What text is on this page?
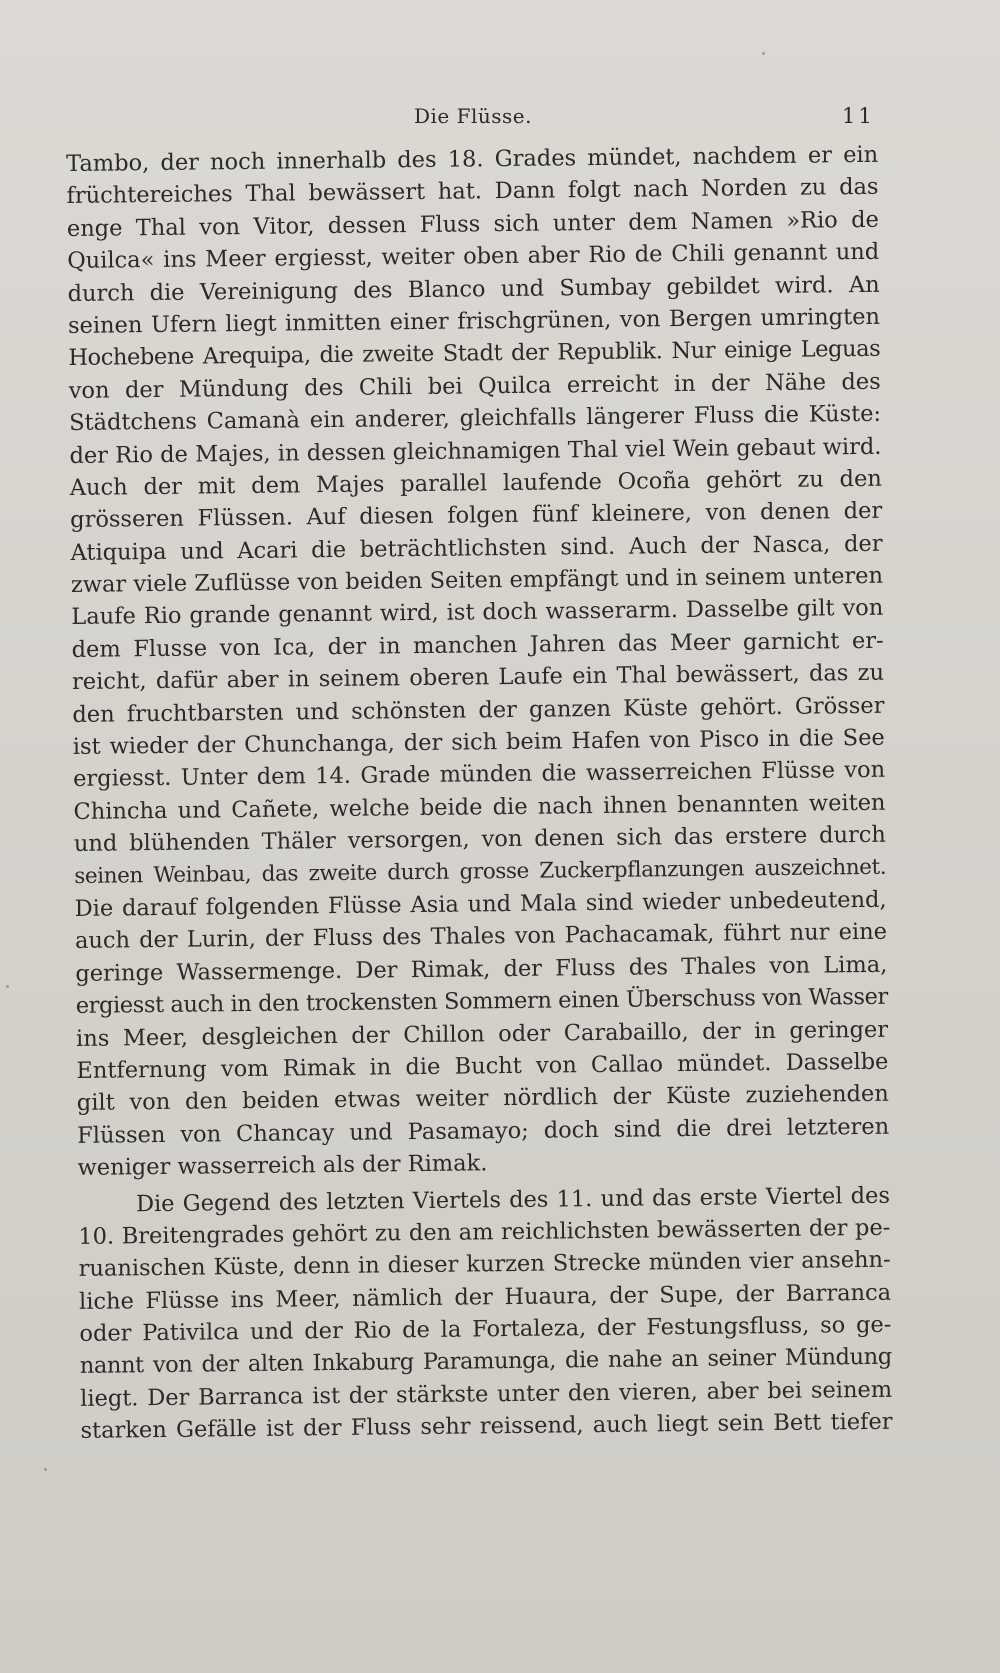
Die Flüsse.	11
Tambo, der noch innerhalb des 18. Grades mündet, nachdem er ein
früchtereiches Thal bewässert hat. Dann folgt nach Norden zu das
enge Thal von Vitor, dessen Fluss sich unter dem Namen »Rio de
Quilca« ins Meer ergiesst, weiter oben aber Rio de Chili genannt und
durch die Vereinigung des Blanco und Sumbay gebildet wird. An
seinen Ufern liegt inmitten einer frischgrünen, von Bergen umringten
Hochebene Arequipa, die zweite Stadt der Republik. Nur einige Leguas
von der Mündung des Chili bei Quilca erreicht in der Nähe des
Städtchens Camanà ein anderer, gleichfalls längerer Fluss die Küste:
der Rio de Majes, in dessen gleichnamigen Thal viel Wein gebaut wird.
Auch der mit dem Majes parallel laufende Ocoña gehört zu den
grösseren Flüssen. Auf diesen folgen fünf kleinere, von denen der
Atiquipa und Acari die beträchtlichsten sind. Auch der Nasca, der
zwar viele Zuflüsse von beiden Seiten empfängt und in seinem unteren
Laufe Rio grande genannt wird, ist doch wasserarm. Dasselbe gilt von
dem Flusse von Ica, der in manchen Jahren das Meer garnicht er-
reicht, dafür aber in seinem oberen Laufe ein Thal bewässert, das zu
den fruchtbarsten und schönsten der ganzen Küste gehört. Grösser
ist wieder der Chunchanga, der sich beim Hafen von Pisco in die See
ergiesst. Unter dem 14. Grade münden die wasserreichen Flüsse von
Chincha und Cañete, welche beide die nach ihnen benannten weiten
und blühenden Thäler versorgen, von denen sich das erstere durch
seinen Weinbau, das zweite durch grosse Zuckerpflanzungen auszeichnet.
Die darauf folgenden Flüsse Asia und Mala sind wieder unbedeutend,
auch der Lurin, der Fluss des Thales von Pachacamak, führt nur eine
geringe Wassermenge. Der Rimak, der Fluss des Thales von Lima,
ergiesst auch in den trockensten Sommern einen Überschuss von Wasser
ins Meer, desgleichen der Chillon oder Carabaillo, der in geringer
Entfernung vom Rimak in die Bucht von Callao mündet. Dasselbe
gilt von den beiden etwas weiter nördlich der Küste zuziehenden
Flüssen von Chancay und Pasamayo; doch sind die drei letzteren
weniger wasserreich als der Rimak.
Die Gegend des letzten Viertels des 11. und das erste Viertel des
10. Breitengrades gehört zu den am reichlichsten bewässerten der pe-
ruanischen Küste, denn in dieser kurzen Strecke münden vier ansehn-
liche Flüsse ins Meer, nämlich der Huaura, der Supe, der Barranca
oder Pativilca und der Rio de la Fortaleza, der Festungsfluss, so ge-
nannt von der alten Inkaburg Paramunga, die nahe an seiner Mündung
liegt. Der Barranca ist der stärkste unter den vieren, aber bei seinem
starken Gefälle ist der Fluss sehr reissend, auch liegt sein Bett tiefer
